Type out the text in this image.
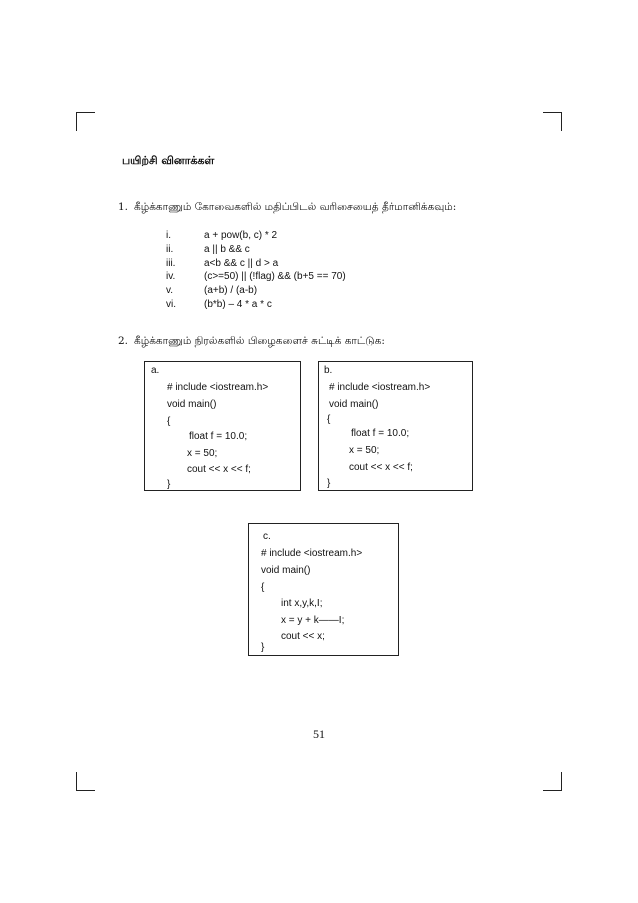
பயிற்சி வினாக்கள்
1. கீழ்க்காணும் கோவைகளில் மதிப்பிடல் வரிசையைத் தீர்மானிக்கவும்:
i.	a + pow(b, c) * 2
ii.	a || b && c
iii.	a<b && c || d > a
iv.	(c>=50) || (!flag) && (b+5 == 70)
v.	(a+b) / (a-b)
vi.	(b*b) – 4 * a * c
2. கீழ்க்காணும் நிரல்களில் பிழைகளைச் சுட்டிக் காட்டுக:
a.
# include <iostream.h>
void main()
{
float f = 10.0;
x = 50;
cout << x << f;
}
b.
# include <iostream.h>
void main()
{
float f = 10.0;
x = 50;
cout << x << f;
}
c.
# include <iostream.h>
void main()
{
int x,y,k,I;
x = y + k——I;
cout << x;
}
51
